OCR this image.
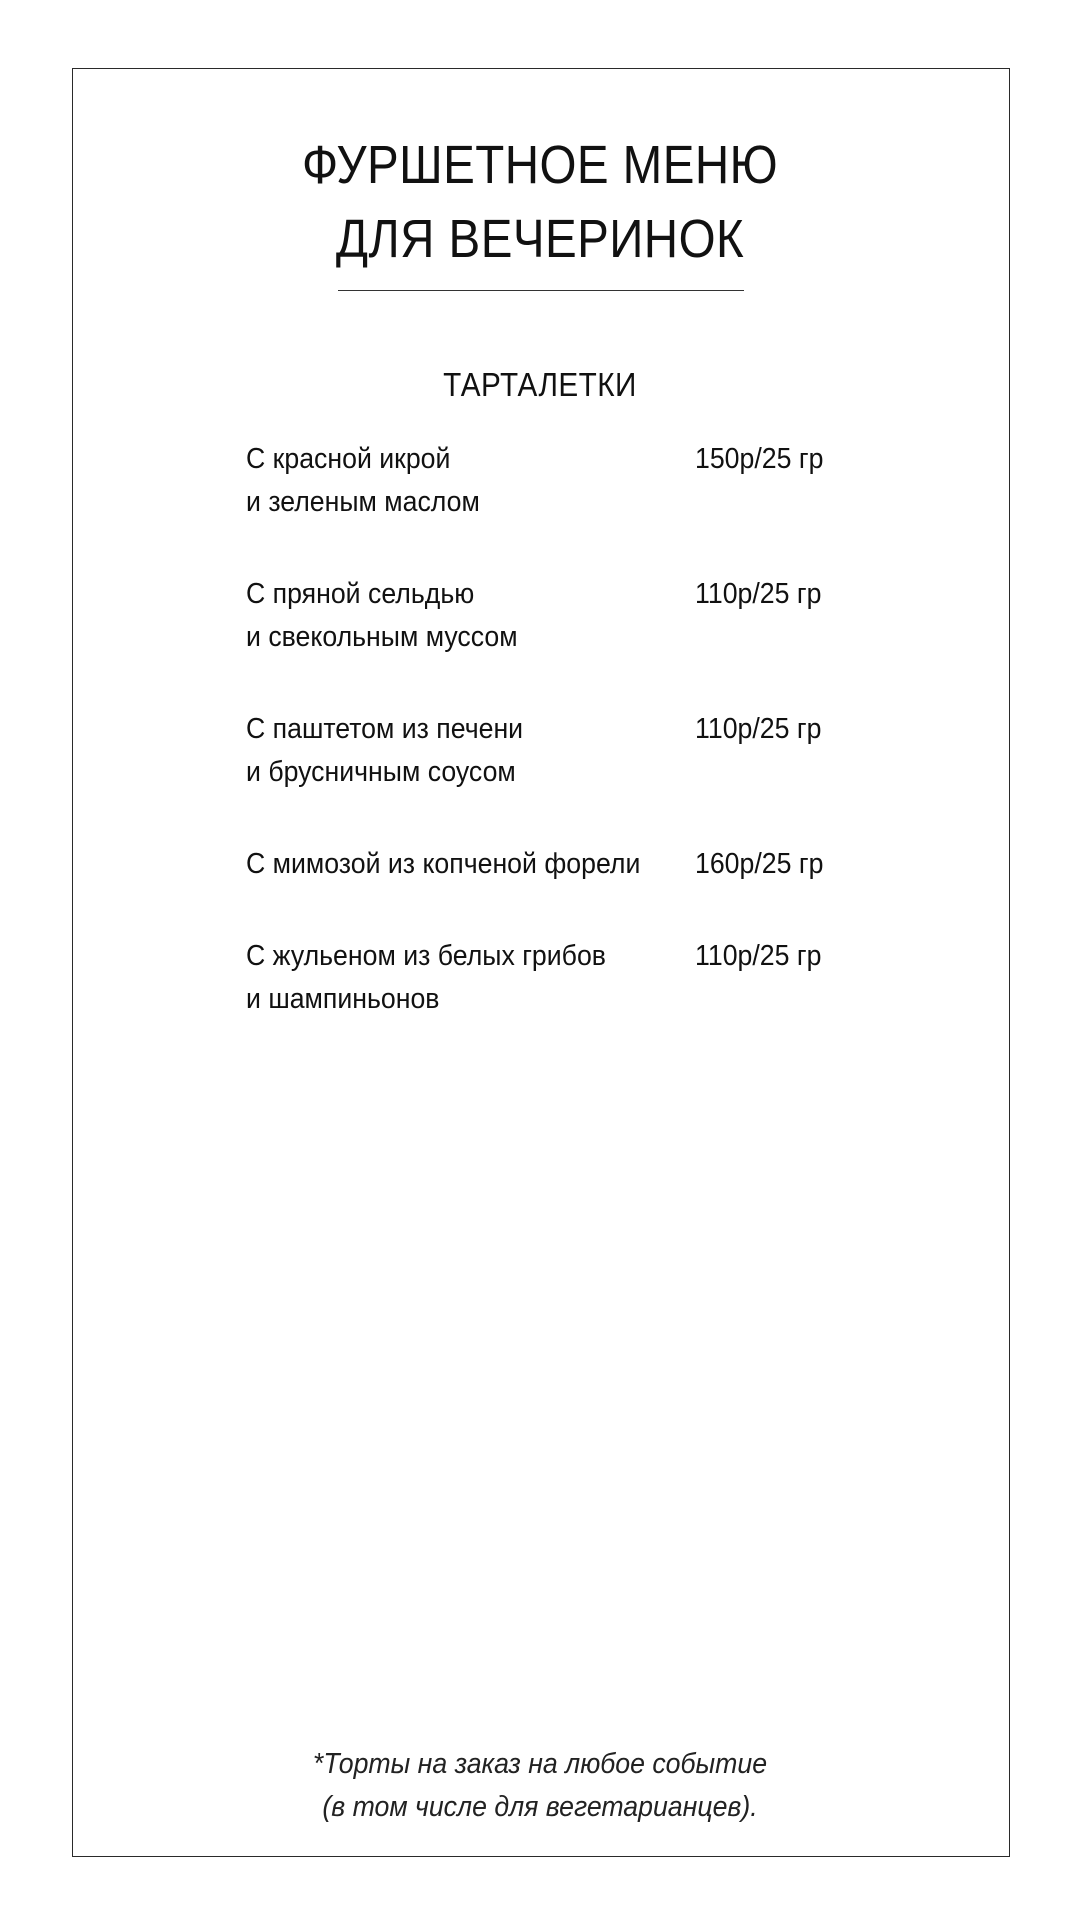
ФУРШЕТНОЕ МЕНЮ
ДЛЯ ВЕЧЕРИНОК
ТАРТАЛЕТКИ
С красной икрой
и зеленым маслом
150р/25 гр
С пряной сельдью
и свекольным муссом
110р/25 гр
С паштетом из печени
и брусничным соусом
110р/25 гр
С мимозой из копченой форели	160р/25 гр
С жульеном из белых грибов
и шампиньонов
110р/25 гр
*Торты на заказ на любое событие
(в том числе для вегетарианцев).
